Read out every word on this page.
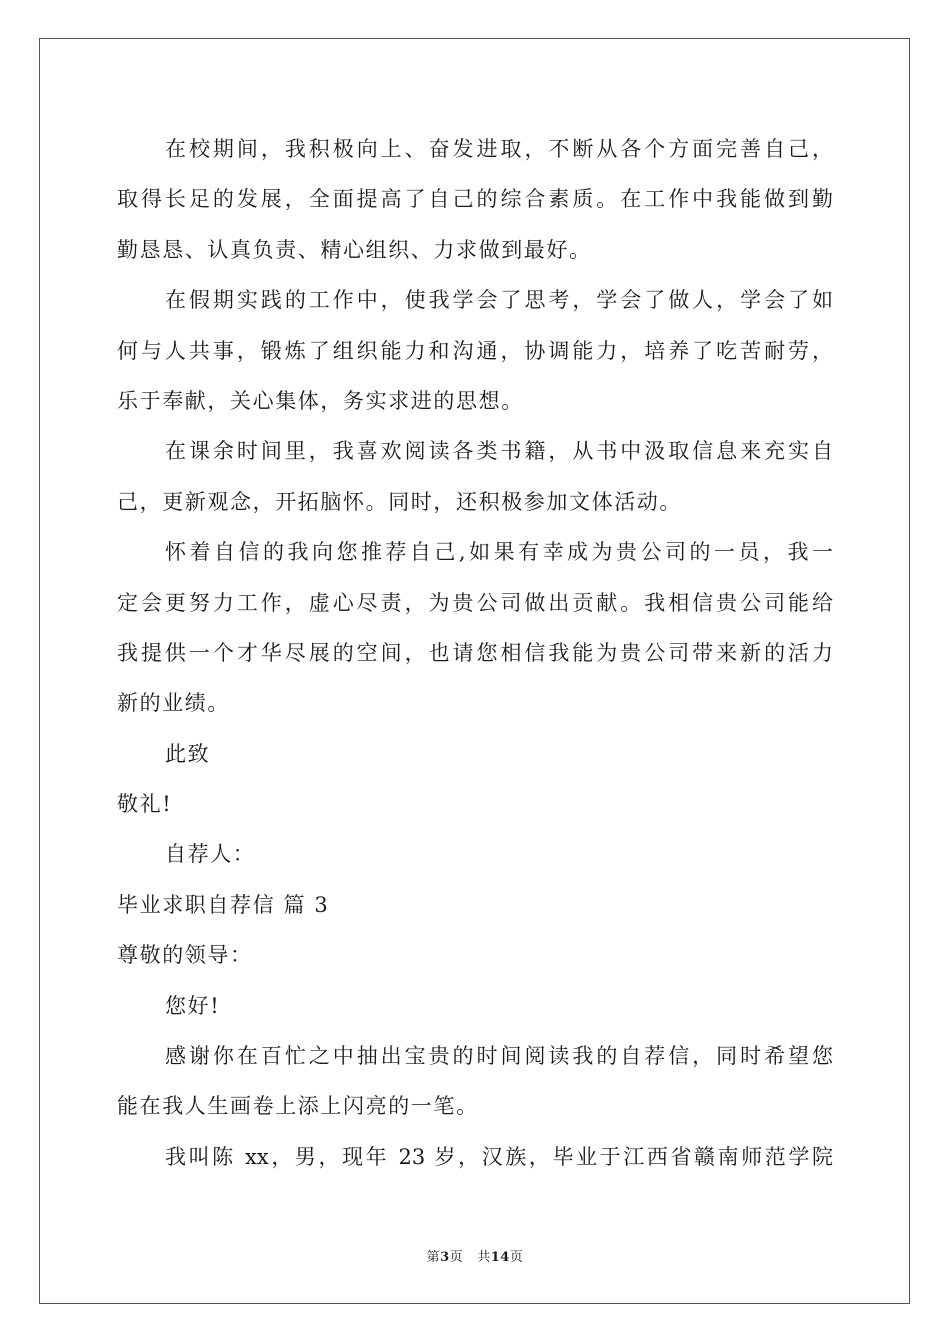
在校期间，我积极向上、奋发进取，不断从各个方面完善自己，
取得长足的发展，全面提高了自己的综合素质。在工作中我能做到勤
勤恳恳、认真负责、精心组织、力求做到最好。
在假期实践的工作中，使我学会了思考，学会了做人，学会了如
何与人共事，锻炼了组织能力和沟通，协调能力，培养了吃苦耐劳，
乐于奉献，关心集体，务实求进的思想。
在课余时间里，我喜欢阅读各类书籍，从书中汲取信息来充实自
己，更新观念，开拓脑怀。同时，还积极参加文体活动。
怀着自信的我向您推荐自己,如果有幸成为贵公司的一员，我一
定会更努力工作，虚心尽责，为贵公司做出贡献。我相信贵公司能给
我提供一个才华尽展的空间，也请您相信我能为贵公司带来新的活力
新的业绩。
此致
敬礼!
自荐人：
毕业求职自荐信 篇 3
尊敬的领导：
您好!
感谢你在百忙之中抽出宝贵的时间阅读我的自荐信，同时希望您
能在我人生画卷上添上闪亮的一笔。
我叫陈 xx，男，现年 23 岁，汉族，毕业于江西省赣南师范学院
第3页 共14页
